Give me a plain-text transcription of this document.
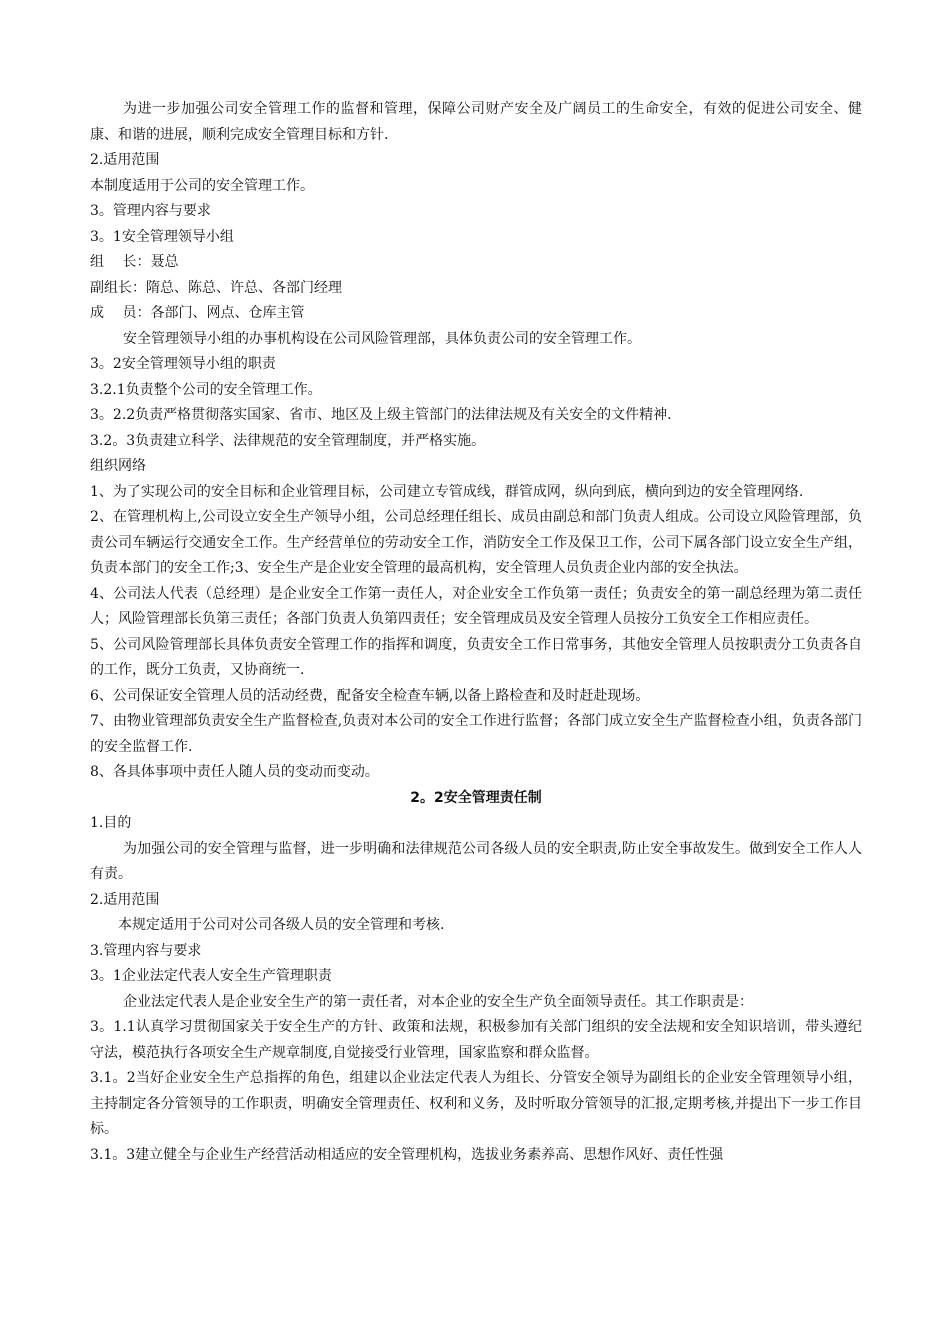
为进一步加强公司安全管理工作的监督和管理，保障公司财产安全及广阔员工的生命安全，有效的促进公司安全、健康、和谐的进展，顺利完成安全管理目标和方针.

2.适用范围

本制度适用于公司的安全管理工作。

3。管理内容与要求

3。1安全管理领导小组

组　 长：聂总

副组长：隋总、陈总、许总、各部门经理

成　 员：各部门、网点、仓库主管

安全管理领导小组的办事机构设在公司风险管理部，具体负责公司的安全管理工作。

3。2安全管理领导小组的职责

3.2.1负责整个公司的安全管理工作。

3。2.2负责严格贯彻落实国家、省市、地区及上级主管部门的法律法规及有关安全的文件精神.

3.2。3负责建立科学、法律规范的安全管理制度，并严格实施。

组织网络

1、为了实现公司的安全目标和企业管理目标，公司建立专管成线，群管成网，纵向到底，横向到边的安全管理网络.

2、在管理机构上,公司设立安全生产领导小组，公司总经理任组长、成员由副总和部门负责人组成。公司设立风险管理部，负责公司车辆运行交通安全工作。生产经营单位的劳动安全工作，消防安全工作及保卫工作，公司下属各部门设立安全生产组，负责本部门的安全工作;3、安全生产是企业安全管理的最高机构，安全管理人员负责企业内部的安全执法。

4、公司法人代表（总经理）是企业安全工作第一责任人，对企业安全工作负第一责任；负责安全的第一副总经理为第二责任人；风险管理部长负第三责任；各部门负责人负第四责任；安全管理成员及安全管理人员按分工负安全工作相应责任。

5、公司风险管理部长具体负责安全管理工作的指挥和调度，负责安全工作日常事务，其他安全管理人员按职责分工负责各自的工作，既分工负责，又协商统一.

6、公司保证安全管理人员的活动经费，配备安全检查车辆,以备上路检查和及时赶赴现场。

7、由物业管理部负责安全生产监督检查,负责对本公司的安全工作进行监督；各部门成立安全生产监督检查小组，负责各部门的安全监督工作.

8、各具体事项中责任人随人员的变动而变动。

2。2安全管理责任制

1.目的

为加强公司的安全管理与监督，进一步明确和法律规范公司各级人员的安全职责,防止安全事故发生。做到安全工作人人有责。

2.适用范围

本规定适用于公司对公司各级人员的安全管理和考核.

3.管理内容与要求

3。1企业法定代表人安全生产管理职责

企业法定代表人是企业安全生产的第一责任者，对本企业的安全生产负全面领导责任。其工作职责是：

3。1.1认真学习贯彻国家关于安全生产的方针、政策和法规，积极参加有关部门组织的安全法规和安全知识培训，带头遵纪守法，模范执行各项安全生产规章制度,自觉接受行业管理，国家监察和群众监督。

3.1。2当好企业安全生产总指挥的角色，组建以企业法定代表人为组长、分管安全领导为副组长的企业安全管理领导小组，主持制定各分管领导的工作职责，明确安全管理责任、权利和义务，及时听取分管领导的汇报,定期考核,并提出下一步工作目标。

3.1。3建立健全与企业生产经营活动相适应的安全管理机构，选拔业务素养高、思想作风好、责任性强
